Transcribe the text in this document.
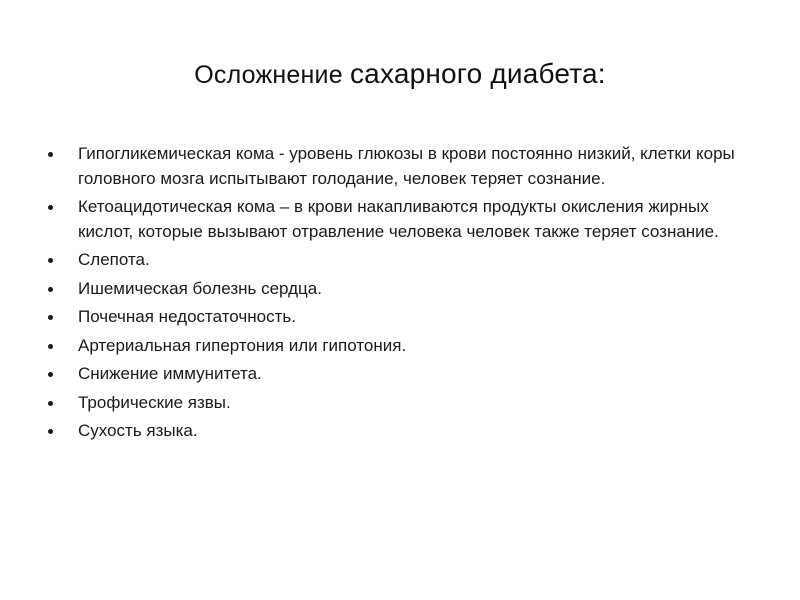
Осложнение сахарного диабета:
Гипогликемическая кома - уровень глюкозы в крови постоянно низкий, клетки коры головного мозга испытывают голодание, человек теряет сознание.
Кетоацидотическая кома – в крови накапливаются продукты окисления жирных кислот, которые вызывают отравление человека человек также теряет сознание.
Слепота.
Ишемическая болезнь сердца.
Почечная недостаточность.
Артериальная гипертония или гипотония.
Снижение иммунитета.
Трофические язвы.
Сухость языка.
